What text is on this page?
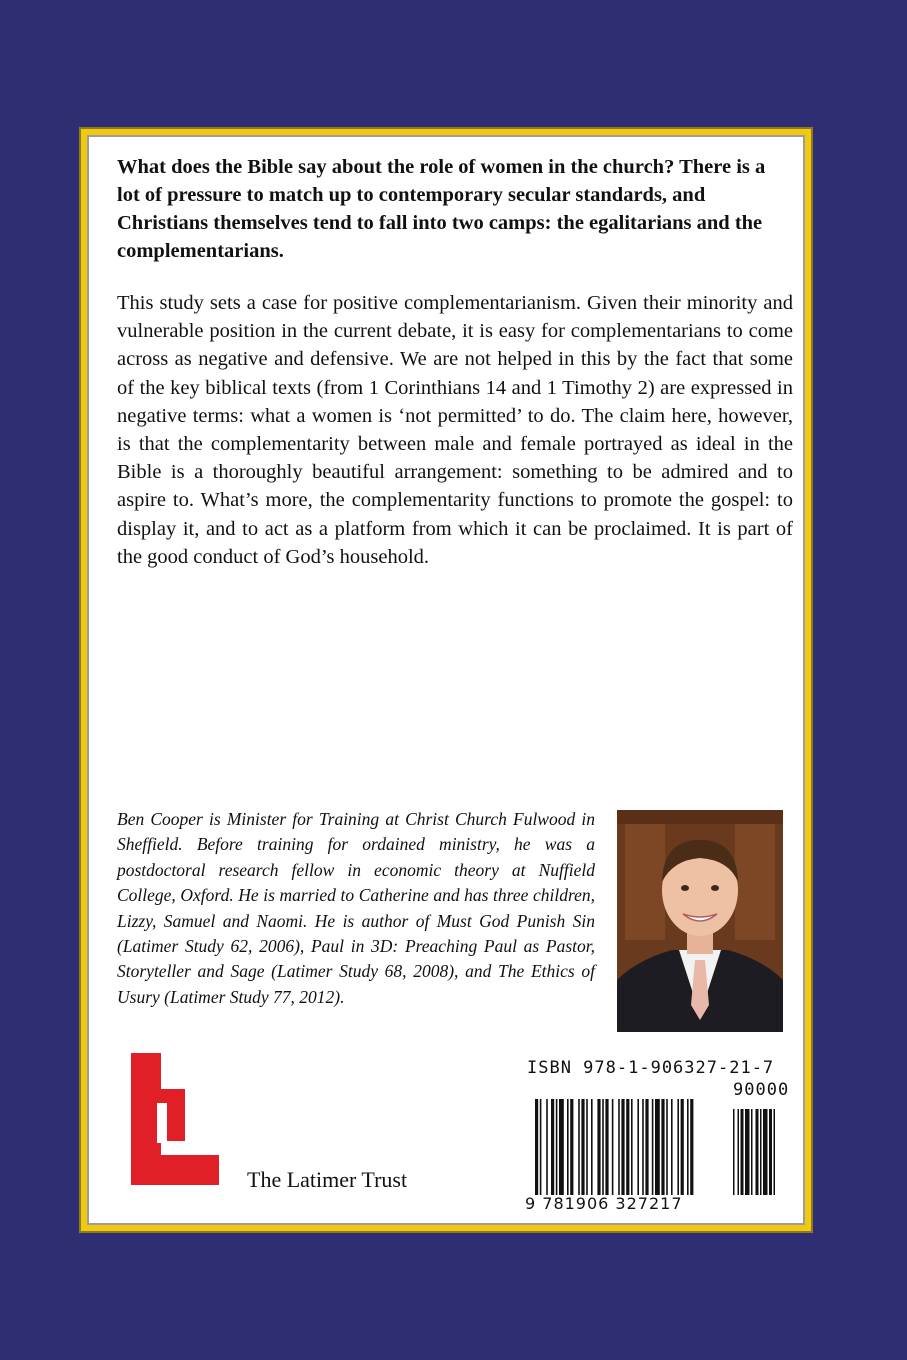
What does the Bible say about the role of women in the church? There is a lot of pressure to match up to contemporary secular standards, and Christians themselves tend to fall into two camps: the egalitarians and the complementarians.

This study sets a case for positive complementarianism. Given their minority and vulnerable position in the current debate, it is easy for complementarians to come across as negative and defensive. We are not helped in this by the fact that some of the key biblical texts (from 1 Corinthians 14 and 1 Timothy 2) are expressed in negative terms: what a women is ‘not permitted’ to do. The claim here, however, is that the complementarity between male and female portrayed as ideal in the Bible is a thoroughly beautiful arrangement: something to be admired and to aspire to. What’s more, the complementarity functions to promote the gospel: to display it, and to act as a platform from which it can be proclaimed. It is part of the good conduct of God’s household.

Ben Cooper is Minister for Training at Christ Church Fulwood in Sheffield. Before training for ordained ministry, he was a postdoctoral research fellow in economic theory at Nuffield College, Oxford. He is married to Catherine and has three children, Lizzy, Samuel and Naomi. He is author of Must God Punish Sin (Latimer Study 62, 2006), Paul in 3D: Preaching Paul as Pastor, Storyteller and Sage (Latimer Study 68, 2008), and The Ethics of Usury (Latimer Study 77, 2012).

The Latimer Trust
ISBN 978-1-906327-21-7
90000
9 781906 327217
